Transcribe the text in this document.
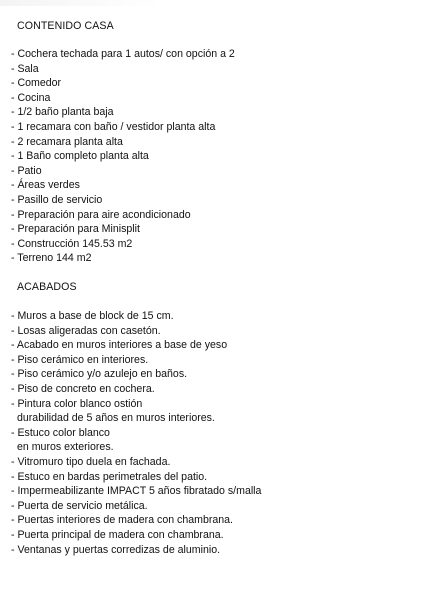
CONTENIDO CASA
- Cochera techada para 1 autos/ con opción a 2
- Sala
- Comedor
- Cocina
- 1/2 baño planta baja
- 1 recamara con baño / vestidor planta alta
- 2 recamara planta alta
- 1 Baño completo planta alta
- Patio
- Áreas verdes
- Pasillo de servicio
- Preparación para aire acondicionado
- Preparación para Minisplit
- Construcción 145.53 m2
- Terreno 144 m2
ACABADOS
- Muros a base de block de 15 cm.
- Losas aligeradas con casetón.
- Acabado en muros interiores a base de yeso
- Piso cerámico en interiores.
- Piso cerámico y/o azulejo en baños.
- Piso de concreto en cochera.
- Pintura color blanco ostión
durabilidad de 5 años en muros interiores.
- Estuco color blanco
en muros exteriores.
- Vitromuro tipo duela en fachada.
- Estuco en bardas perimetrales del patio.
- Impermeabilizante IMPACT 5 años fibratado s/malla
- Puerta de servicio metálica.
- Puertas interiores de madera con chambrana.
- Puerta principal de madera con chambrana.
- Ventanas y puertas corredizas de aluminio.
